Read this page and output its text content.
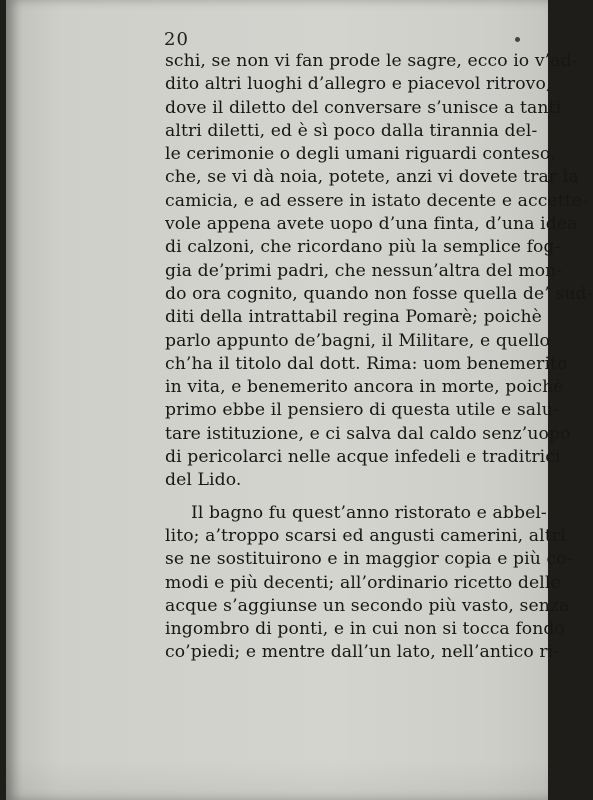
20
schi, se non vi fan prode le sagre, ecco io v’ad-
dito altri luoghi d’allegro e piacevol ritrovo,
dove il diletto del conversare s’unisce a tanti
altri diletti, ed è sì poco dalla tirannia del-
le cerimonie o degli umani riguardi conteso,
che, se vi dà noia, potete, anzi vi dovete trar la
camicia, e ad essere in istato decente e accette-
vole appena avete uopo d’una finta, d’una idea
di calzoni, che ricordano più la semplice fog-
gia de’primi padri, che nessun’altra del mon-
do ora cognito, quando non fosse quella de’ sud-
diti della intrattabil regina Pomarè; poichè
parlo appunto de’bagni, il Militare, e quello
ch’ha il titolo dal dott. Rima: uom benemerito
in vita, e benemerito ancora in morte, poichè
primo ebbe il pensiero di questa utile e salu-
tare istituzione, e ci salva dal caldo senz’uopo
di pericolarci nelle acque infedeli e traditrici
del Lido.
Il bagno fu quest’anno ristorato e abbel-
lito; a’troppo scarsi ed angusti camerini, altri
se ne sostituirono e in maggior copia e più co-
modi e più decenti; all’ordinario ricetto delle
acque s’aggiunse un secondo più vasto, senza
ingombro di ponti, e in cui non si tocca fondo
co’piedi; e mentre dall’un lato, nell’antico ri-
